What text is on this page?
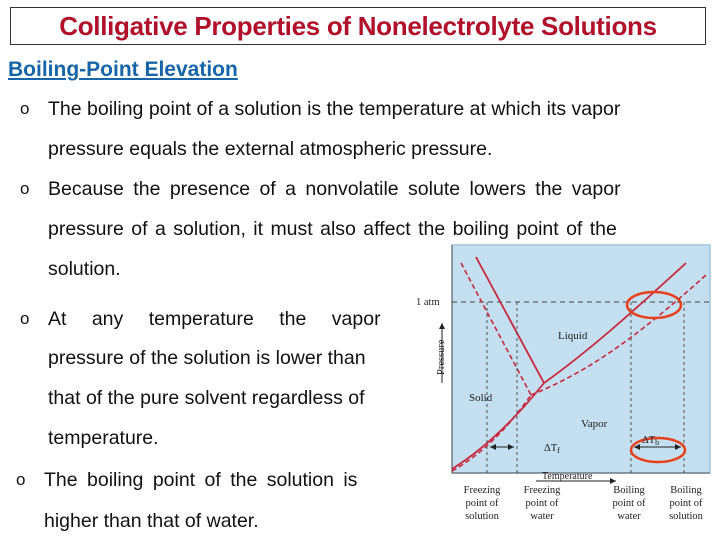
Colligative Properties of Nonelectrolyte Solutions
Boiling-Point Elevation
o The boiling point of a solution is the temperature at which its vapor
pressure equals the external atmospheric pressure.
o Because the presence of a nonvolatile solute lowers the vapor
pressure of a solution, it must also affect the boiling point of the
solution.
o At any temperature the vapor
pressure of the solution is lower than
that of the pure solvent regardless of
temperature.
o The boiling point of the solution is
higher than that of water.
1 atm
Pressure
Liquid
Solid
Vapor
ΔTf
ΔTb
Temperature
Freezing
point of
solution
Freezing
point of
water
Boiling
point of
water
Boiling
point of
solution
